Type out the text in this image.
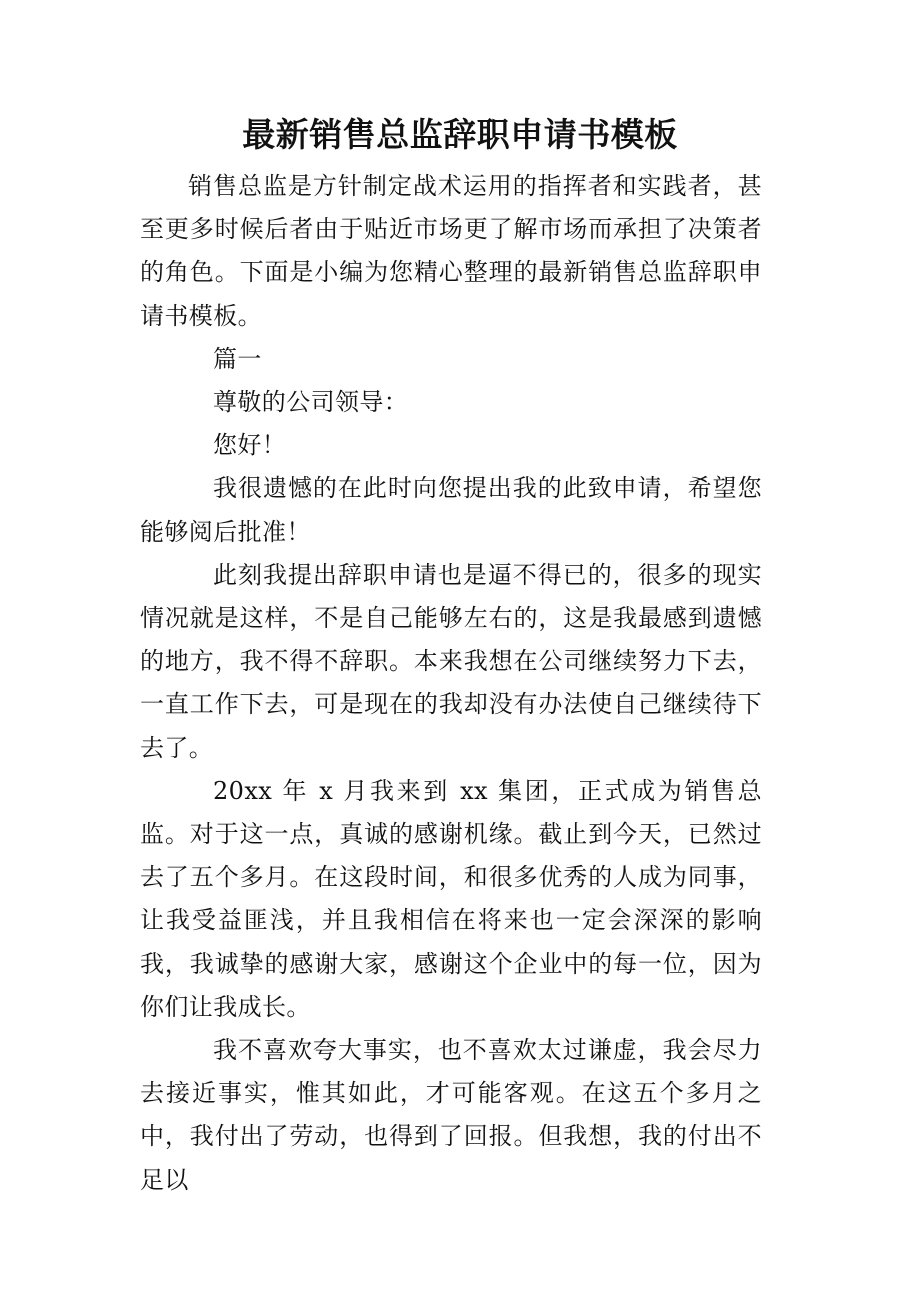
最新销售总监辞职申请书模板

销售总监是方针制定战术运用的指挥者和实践者，甚至更多时候后者由于贴近市场更了解市场而承担了决策者的角色。下面是小编为您精心整理的最新销售总监辞职申请书模板。

篇一

尊敬的公司领导：

您好！

我很遗憾的在此时向您提出我的此致申请，希望您能够阅后批准！

此刻我提出辞职申请也是逼不得已的，很多的现实情况就是这样，不是自己能够左右的，这是我最感到遗憾的地方，我不得不辞职。本来我想在公司继续努力下去，一直工作下去，可是现在的我却没有办法使自己继续待下去了。

20xx 年 x 月我来到 xx 集团，正式成为销售总监。对于这一点，真诚的感谢机缘。截止到今天，已然过去了五个多月。在这段时间，和很多优秀的人成为同事，让我受益匪浅，并且我相信在将来也一定会深深的影响我，我诚挚的感谢大家，感谢这个企业中的每一位，因为你们让我成长。

我不喜欢夸大事实，也不喜欢太过谦虚，我会尽力去接近事实，惟其如此，才可能客观。在这五个多月之中，我付出了劳动，也得到了回报。但我想，我的付出不足以
